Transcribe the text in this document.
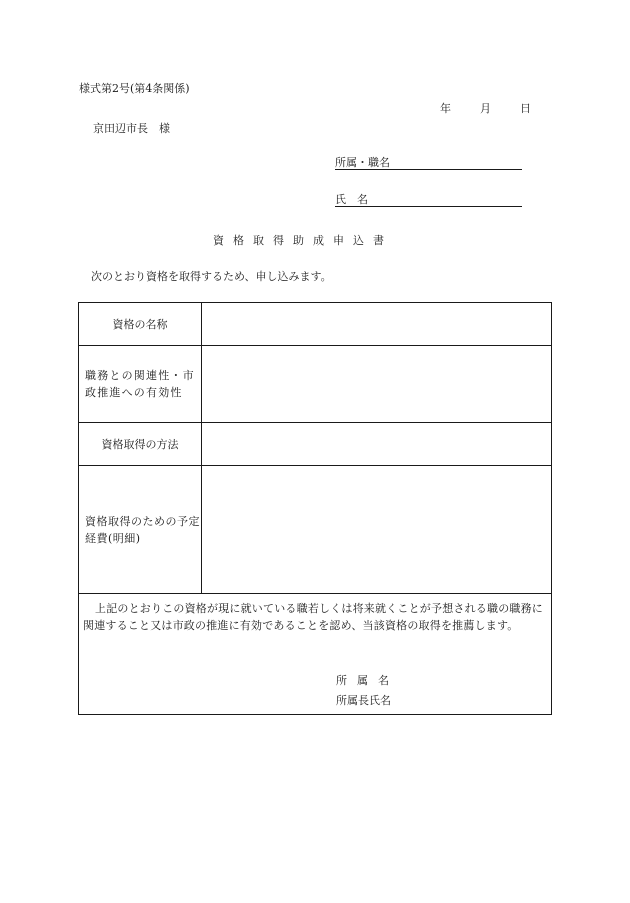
様式第2号(第4条関係)
年	月	日
京田辺市長　様
所属・職名
氏　名
資格取得助成申込書
次のとおり資格を取得するため、申し込みます。
資格の名称	
職務との関連性・市政推進への有効性	
資格取得の方法	
資格取得のための予定経費(明細)	

上記のとおりこの資格が現に就いている職若しくは将来就くことが予想される職の職務に関連すること又は市政の推進に有効であることを認め、当該資格の取得を推薦します。
所属名
所属長氏名	
